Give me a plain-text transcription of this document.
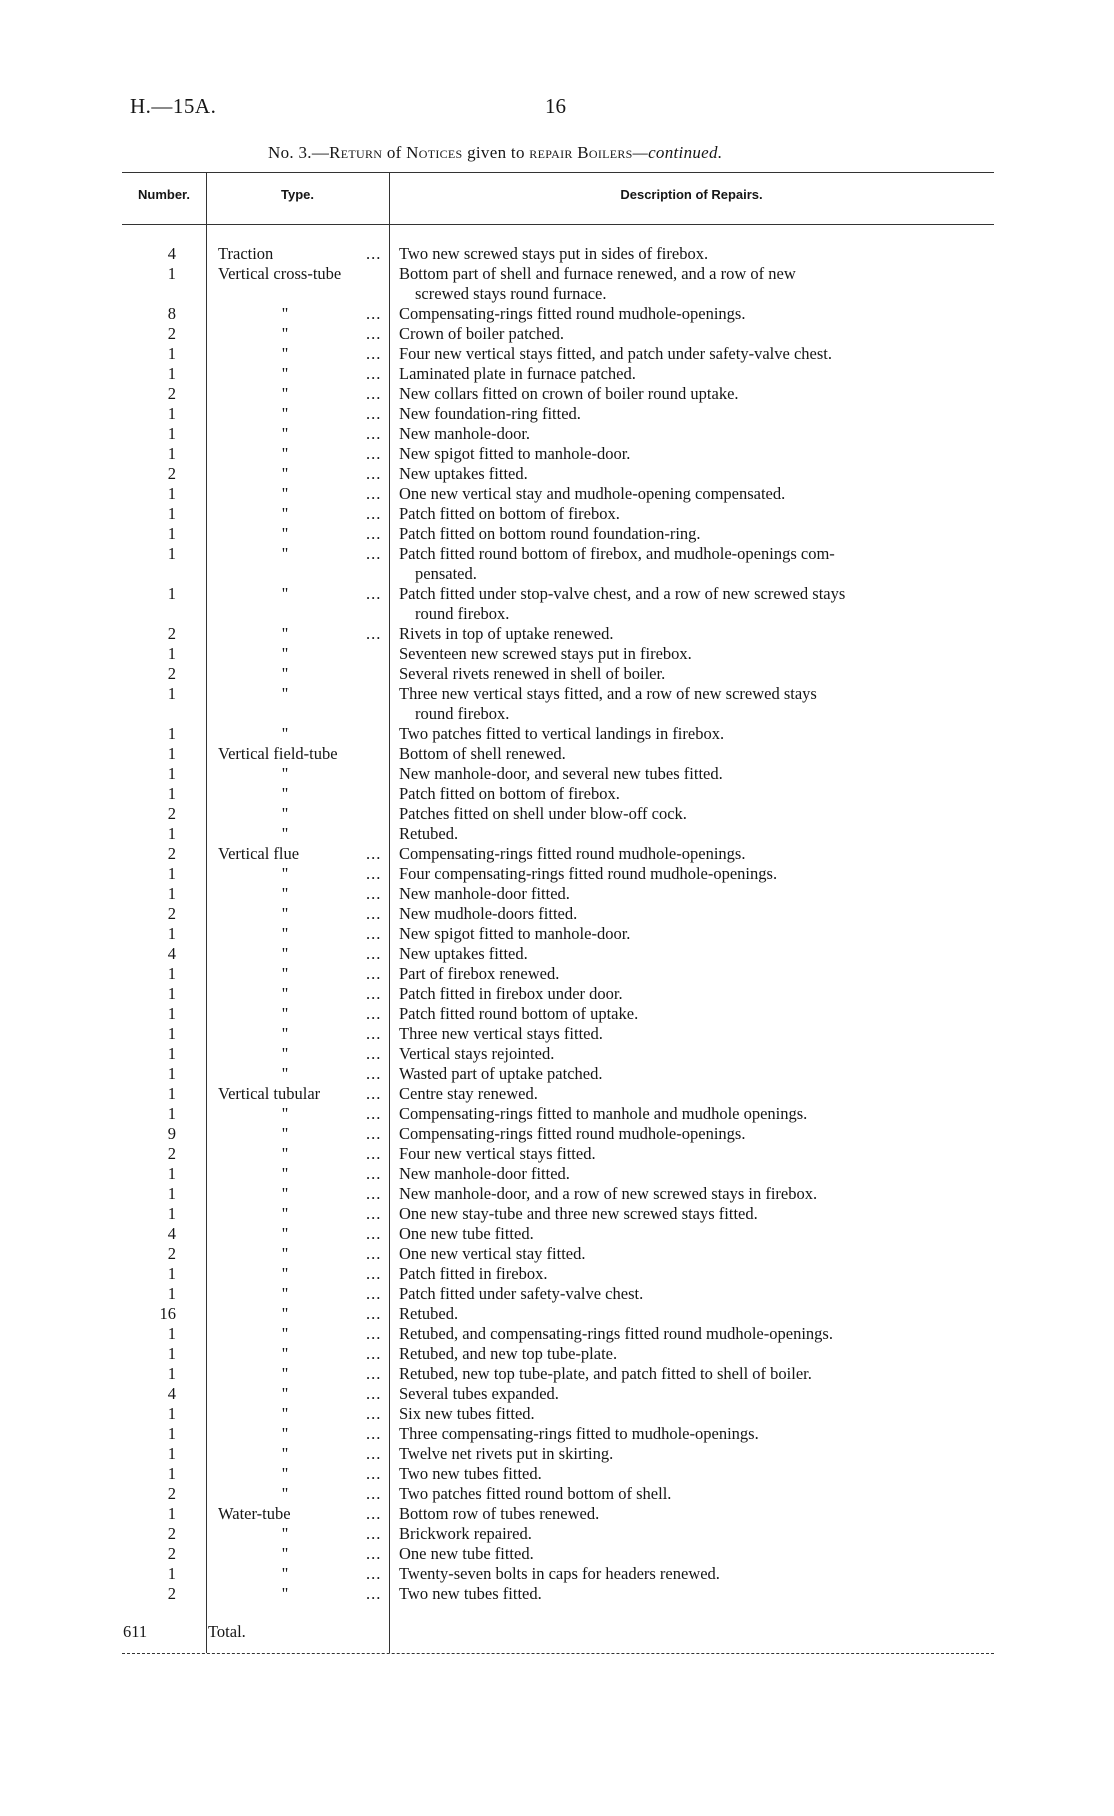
H.—15A.	16
No. 3.—Return of Notices given to repair Boilers—continued.
Number.	Type.	Description of Repairs.
4	Traction	... Two new screwed stays put in sides of firebox.
1	Vertical cross-tube	Bottom part of shell and furnace renewed, and a row of new
screwed stays round furnace.
8	"	... Compensating-rings fitted round mudhole-openings.
2	"	... Crown of boiler patched.
1	"	... Four new vertical stays fitted, and patch under safety-valve chest.
1	"	... Laminated plate in furnace patched.
2	"	... New collars fitted on crown of boiler round uptake.
1	"	... New foundation-ring fitted.
1	"	... New manhole-door.
1	"	... New spigot fitted to manhole-door.
2	"	... New uptakes fitted.
1	"	... One new vertical stay and mudhole-opening compensated.
1	"	... Patch fitted on bottom of firebox.
1	"	... Patch fitted on bottom round foundation-ring.
1	"	... Patch fitted round bottom of firebox, and mudhole-openings com-
pensated.
1	"	... Patch fitted under stop-valve chest, and a row of new screwed stays
round firebox.
2	"	... Rivets in top of uptake renewed.
1	"	Seventeen new screwed stays put in firebox.
2	"	Several rivets renewed in shell of boiler.
1	"	Three new vertical stays fitted, and a row of new screwed stays
round firebox.
1	"	Two patches fitted to vertical landings in firebox.
1	Vertical field-tube	Bottom of shell renewed.
1	"	New manhole-door, and several new tubes fitted.
1	"	Patch fitted on bottom of firebox.
2	"	Patches fitted on shell under blow-off cock.
1	"	Retubed.
2	Vertical flue	... Compensating-rings fitted round mudhole-openings.
1	"	... Four compensating-rings fitted round mudhole-openings.
1	"	... New manhole-door fitted.
2	"	... New mudhole-doors fitted.
1	"	... New spigot fitted to manhole-door.
4	"	... New uptakes fitted.
1	"	... Part of firebox renewed.
1	"	... Patch fitted in firebox under door.
1	"	... Patch fitted round bottom of uptake.
1	"	... Three new vertical stays fitted.
1	"	... Vertical stays rejointed.
1	"	... Wasted part of uptake patched.
1	Vertical tubular	... Centre stay renewed.
1	"	... Compensating-rings fitted to manhole and mudhole openings.
9	"	... Compensating-rings fitted round mudhole-openings.
2	"	... Four new vertical stays fitted.
1	"	... New manhole-door fitted.
1	"	... New manhole-door, and a row of new screwed stays in firebox.
1	"	... One new stay-tube and three new screwed stays fitted.
4	"	... One new tube fitted.
2	"	... One new vertical stay fitted.
1	"	... Patch fitted in firebox.
1	"	... Patch fitted under safety-valve chest.
16	"	... Retubed.
1	"	... Retubed, and compensating-rings fitted round mudhole-openings.
1	"	... Retubed, and new top tube-plate.
1	"	... Retubed, new top tube-plate, and patch fitted to shell of boiler.
4	"	... Several tubes expanded.
1	"	... Six new tubes fitted.
1	"	... Three compensating-rings fitted to mudhole-openings.
1	"	... Twelve net rivets put in skirting.
1	"	... Two new tubes fitted.
2	"	... Two patches fitted round bottom of shell.
1	Water-tube	... Bottom row of tubes renewed.
2	"	... Brickwork repaired.
2	"	... One new tube fitted.
1	"	... Twenty-seven bolts in caps for headers renewed.
2	"	... Two new tubes fitted.
611	Total.
